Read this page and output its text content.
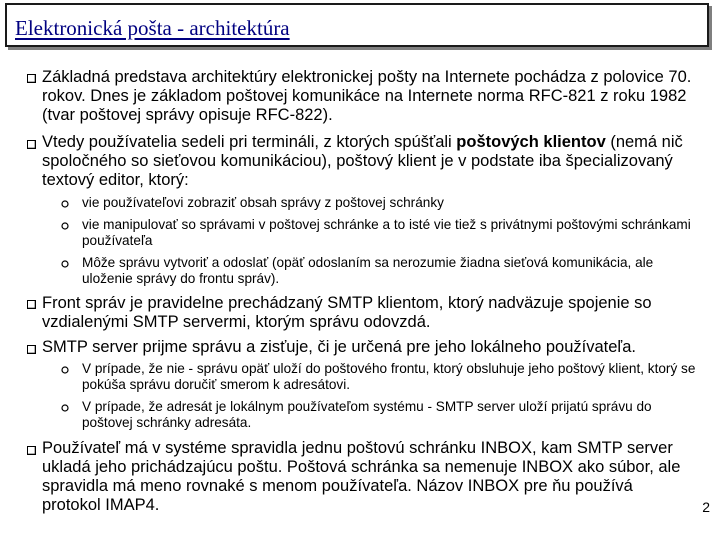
Elektronická pošta - architektúra

Základná predstava architektúry elektronickej pošty na Internete pochádza z polovice 70. rokov. Dnes je základom poštovej komunikáce na Internete norma RFC-821 z roku 1982 (tvar poštovej správy opisuje RFC-822).

Vtedy používatelia sedeli pri termináli, z ktorých spúšťali poštových klientov (nemá nič spoločného so sieťovou komunikáciou), poštový klient je v podstate iba špecializovaný textový editor, ktorý:

vie používateľovi zobraziť obsah správy z poštovej schránky

vie manipulovať so správami v poštovej schránke a to isté vie tiež s privátnymi poštovými schránkami používateľa

Môže správu vytvoriť a odoslať (opäť odoslaním sa nerozumie žiadna sieťová komunikácia, ale uloženie správy do frontu správ).

Front správ je pravidelne prechádzaný SMTP klientom, ktorý nadväzuje spojenie so vzdialenými SMTP servermi, ktorým správu odovzdá.

SMTP server prijme správu a zisťuje, či je určená pre jeho lokálneho používateľa.

V prípade, že nie - správu opäť uloží do poštového frontu, ktorý obsluhuje jeho poštový klient, ktorý se pokúša správu doručiť smerom k adresátovi.

V prípade, že adresát je lokálnym používateľom systému - SMTP server uloží prijatú správu do poštovej schránky adresáta.

Používateľ má v systéme spravidla jednu poštovú schránku INBOX, kam SMTP server ukladá jeho prichádzajúcu poštu. Poštová schránka sa nemenuje INBOX ako súbor, ale spravidla má meno rovnaké s menom používateľa. Názov INBOX pre ňu používá protokol IMAP4.	2
